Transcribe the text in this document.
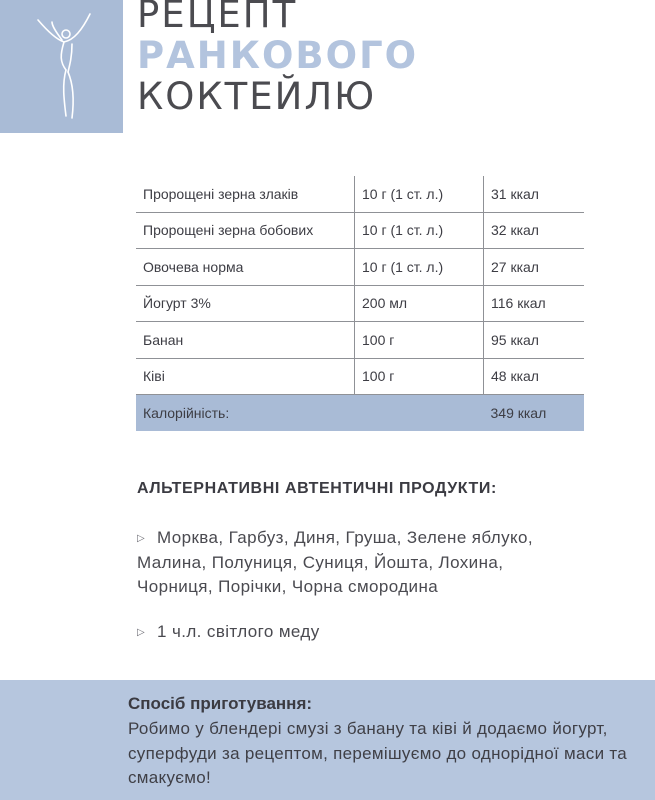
РЕЦЕПТ
РАНКОВОГО
КОКТЕЙЛЮ
Пророщені зерна злаків	10 г (1 ст. л.)	31 ккал
Пророщені зерна бобових	10 г (1 ст. л.)	32 ккал
Овочева норма	10 г (1 ст. л.)	27 ккал
Йогурт 3%	200 мл	116 ккал
Банан	100 г	95 ккал
Ківі	100 г	48 ккал
Калорійність:		349 ккал

АЛЬТЕРНАТИВНІ АВТЕНТИЧНІ ПРОДУКТИ:

▷ Морква, Гарбуз, Диня, Груша, Зелене яблуко, Малина, Полуниця, Суниця, Йошта, Лохина, Чорниця, Порічки, Чорна смородина

▷ 1 ч.л. світлого меду

Спосіб приготування:

Робимо у блендері смузі з банану та ківі й додаємо йогурт, суперфуди за рецептом, перемішуємо до однорідної маси та смакуємо!
